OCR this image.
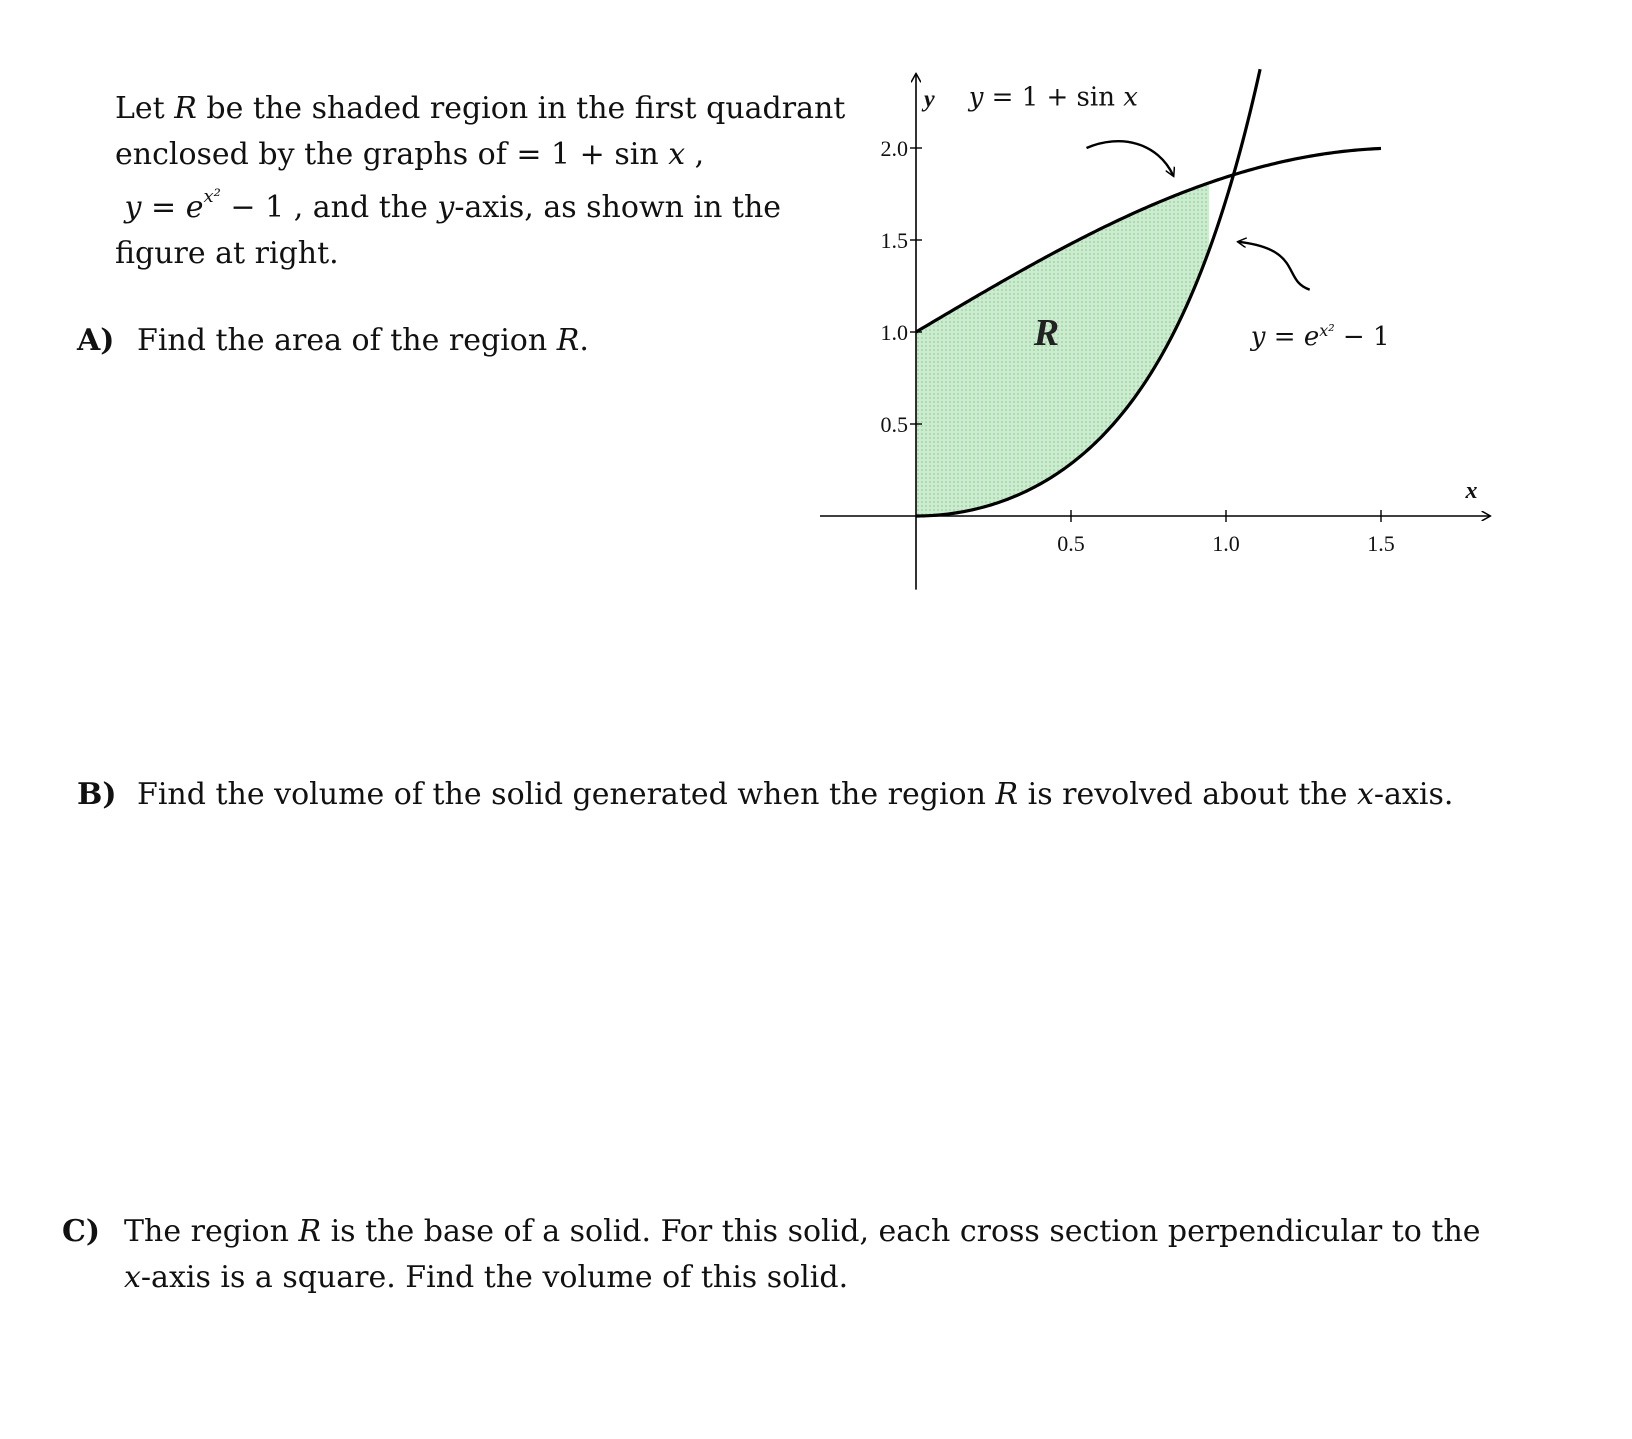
Let R be the shaded region in the first quadrant
enclosed by the graphs of = 1 + sin x ,
$y = e^{x^2} - 1$ , and the y-axis, as shown in the
figure at right.
A) Find the area of the region R.
B) Find the volume of the solid generated when the region R is revolved about the x-axis.
C) The region R is the base of a solid. For this solid, each cross section perpendicular to the
x-axis is a square. Find the volume of this solid.
0.5	1.0	1.5
0.5
1.0
1.5
2.0
y
x
R
y = 1 + sin x
$y = e^{x^2} - 1$
